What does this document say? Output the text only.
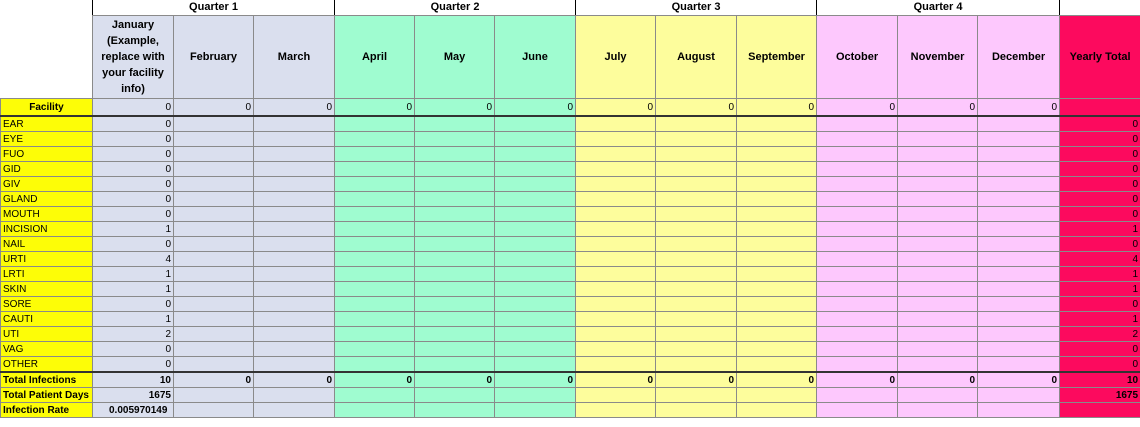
	Quarter 1			Quarter 2			Quarter 3			Quarter 4			
	January (Example, replace with your facility info)	February	March	April	May	June	July	August	September	October	November	December	Yearly Total
Facility	0	0	0	0	0	0	0	0	0	0	0	0	
EAR	0												0
EYE	0												0
FUO	0												0
GID	0												0
GIV	0												0
GLAND	0												0
MOUTH	0												0
INCISION	1												1
NAIL	0												0
URTI	4												4
LRTI	1												1
SKIN	1												1
SORE	0												0
CAUTI	1												1
UTI	2												2
VAG	0												0
OTHER	0												0
Total Infections	10	0	0	0	0	0	0	0	0	0	0	0	10
Total Patient Days	1675												1675
Infection Rate	0.005970149												
